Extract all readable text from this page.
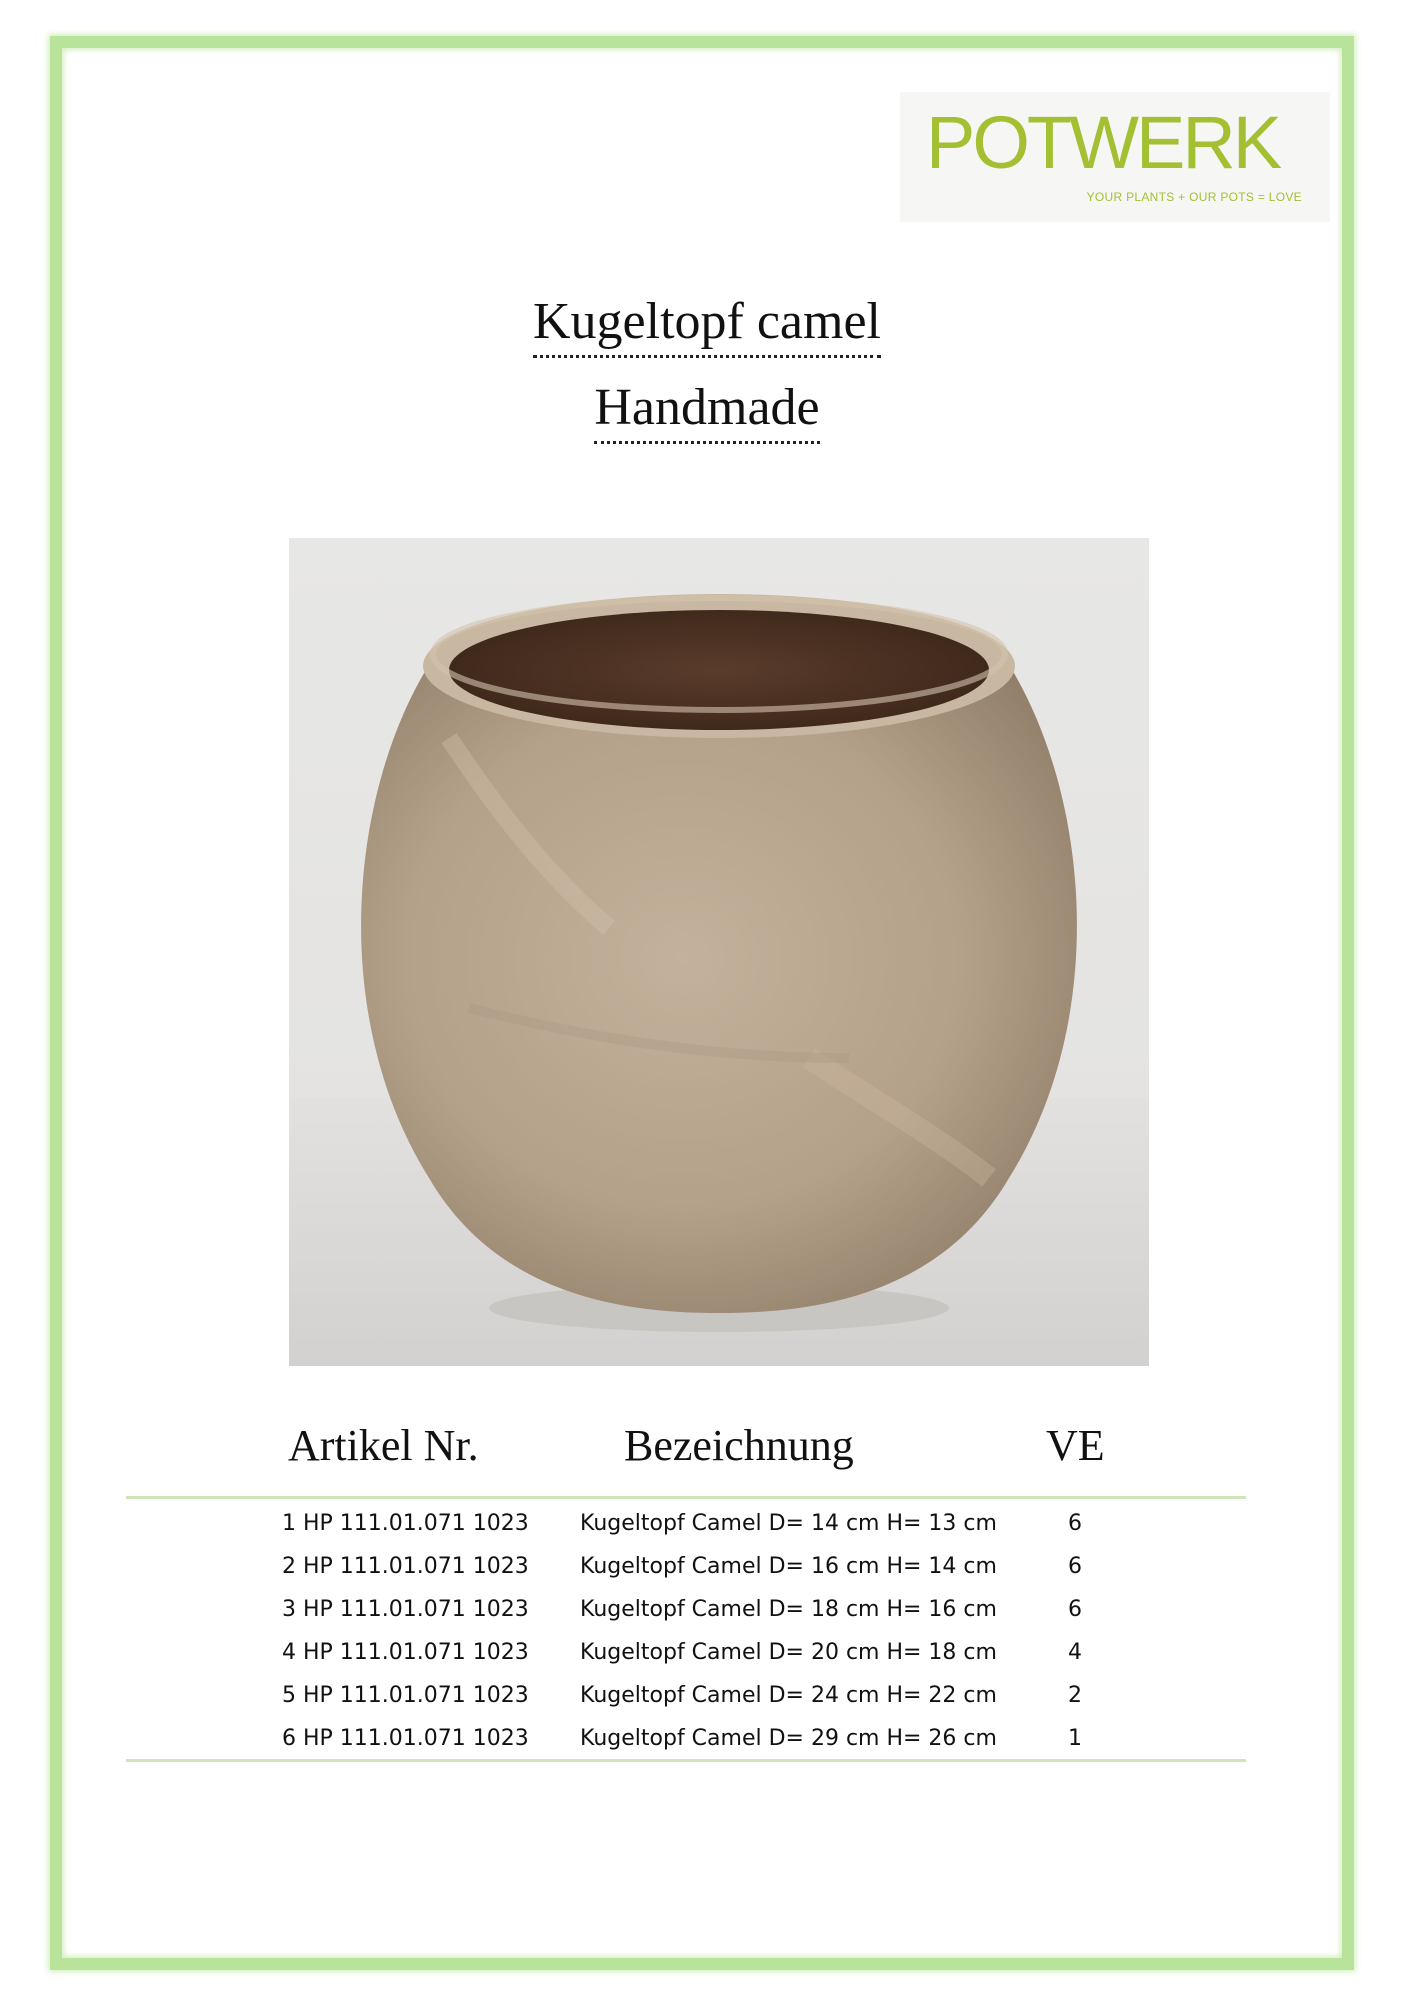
POTWERK
YOUR PLANTS + OUR POTS = LOVE
Kugeltopf camel
Handmade
Artikel Nr.	Bezeichnung	VE
1 HP 111.01.071 1023 Kugeltopf Camel D= 14 cm H= 13 cm	6
2 HP 111.01.071 1023 Kugeltopf Camel D= 16 cm H= 14 cm	6
3 HP 111.01.071 1023 Kugeltopf Camel D= 18 cm H= 16 cm	6
4 HP 111.01.071 1023 Kugeltopf Camel D= 20 cm H= 18 cm	4
5 HP 111.01.071 1023 Kugeltopf Camel D= 24 cm H= 22 cm	2
6 HP 111.01.071 1023 Kugeltopf Camel D= 29 cm H= 26 cm	1
